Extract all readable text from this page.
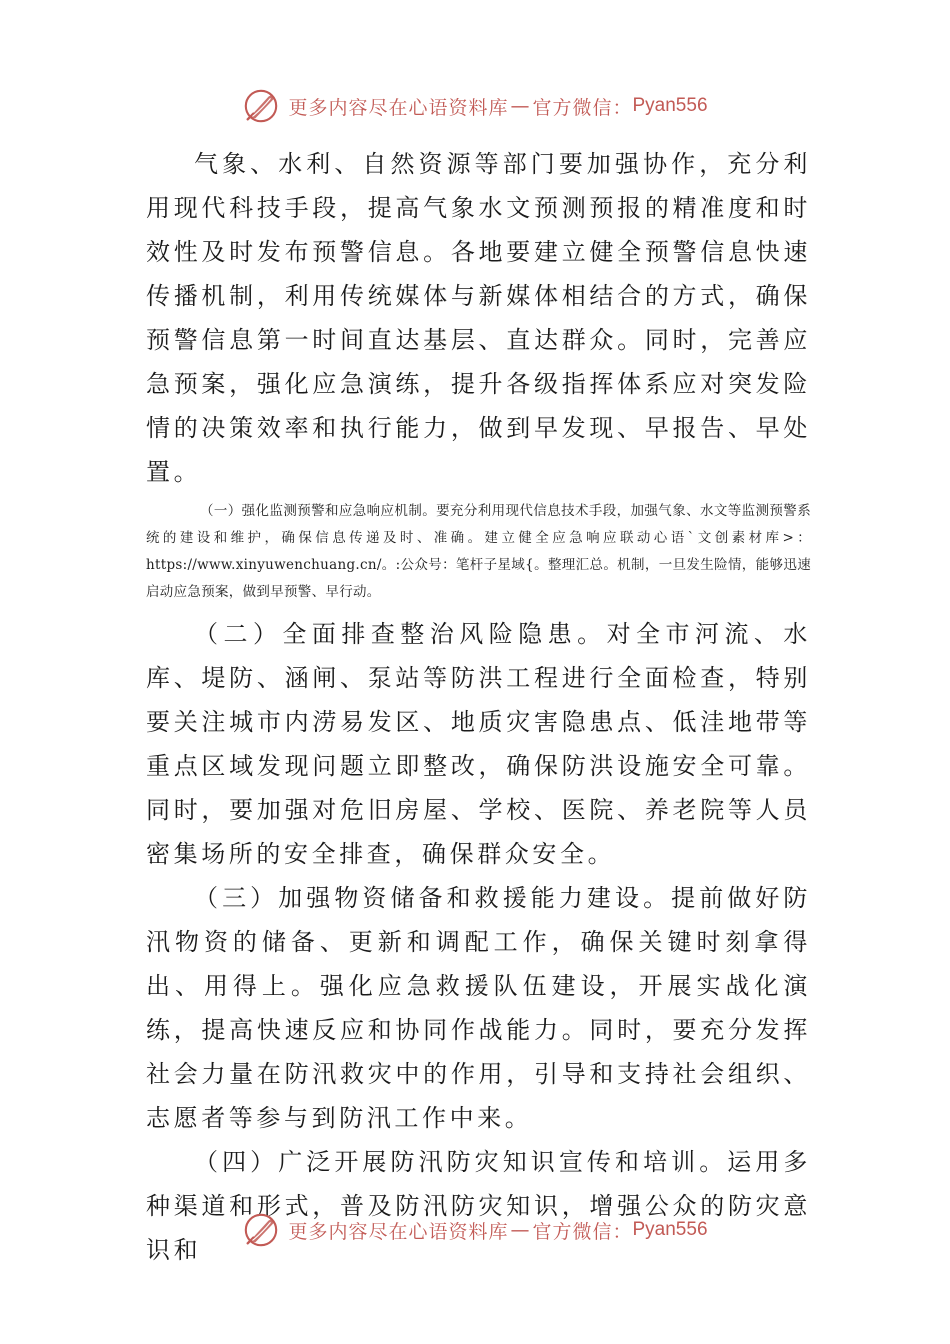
更多内容尽在心语资料库 — 官方微信： Pyan556

气象、水利、自然资源等部门要加强协作，充分利用现代科技手段，提高气象水文预测预报的精准度和时效性及时发布预警信息。各地要建立健全预警信息快速传播机制，利用传统媒体与新媒体相结合的方式，确保预警信息第一时间直达基层、直达群众。同时，完善应急预案，强化应急演练，提升各级指挥体系应对突发险情的决策效率和执行能力，做到早发现、早报告、早处置。

（一）强化监测预警和应急响应机制。要充分利用现代信息技术手段，加强气象、水文等监测预警系统的建设和维护，确保信息传递及时、准确。建立健全应急响应联动心语`文创素材库>：https://www.xinyuwenchuang.cn/。:公众号：笔杆子星域{。整理汇总。机制，一旦发生险情，能够迅速启动应急预案，做到早预警、早行动。

（二）全面排查整治风险隐患。对全市河流、水库、堤防、涵闸、泵站等防洪工程进行全面检查，特别要关注城市内涝易发区、地质灾害隐患点、低洼地带等重点区域发现问题立即整改，确保防洪设施安全可靠。同时，要加强对危旧房屋、学校、医院、养老院等人员密集场所的安全排查，确保群众安全。

（三）加强物资储备和救援能力建设。提前做好防汛物资的储备、更新和调配工作，确保关键时刻拿得出、用得上。强化应急救援队伍建设，开展实战化演练，提高快速反应和协同作战能力。同时，要充分发挥社会力量在防汛救灾中的作用，引导和支持社会组织、志愿者等参与到防汛工作中来。

（四）广泛开展防汛防灾知识宣传和培训。运用多种渠道和形式，普及防汛防灾知识，增强公众的防灾意识和

更多内容尽在心语资料库 — 官方微信： Pyan556
